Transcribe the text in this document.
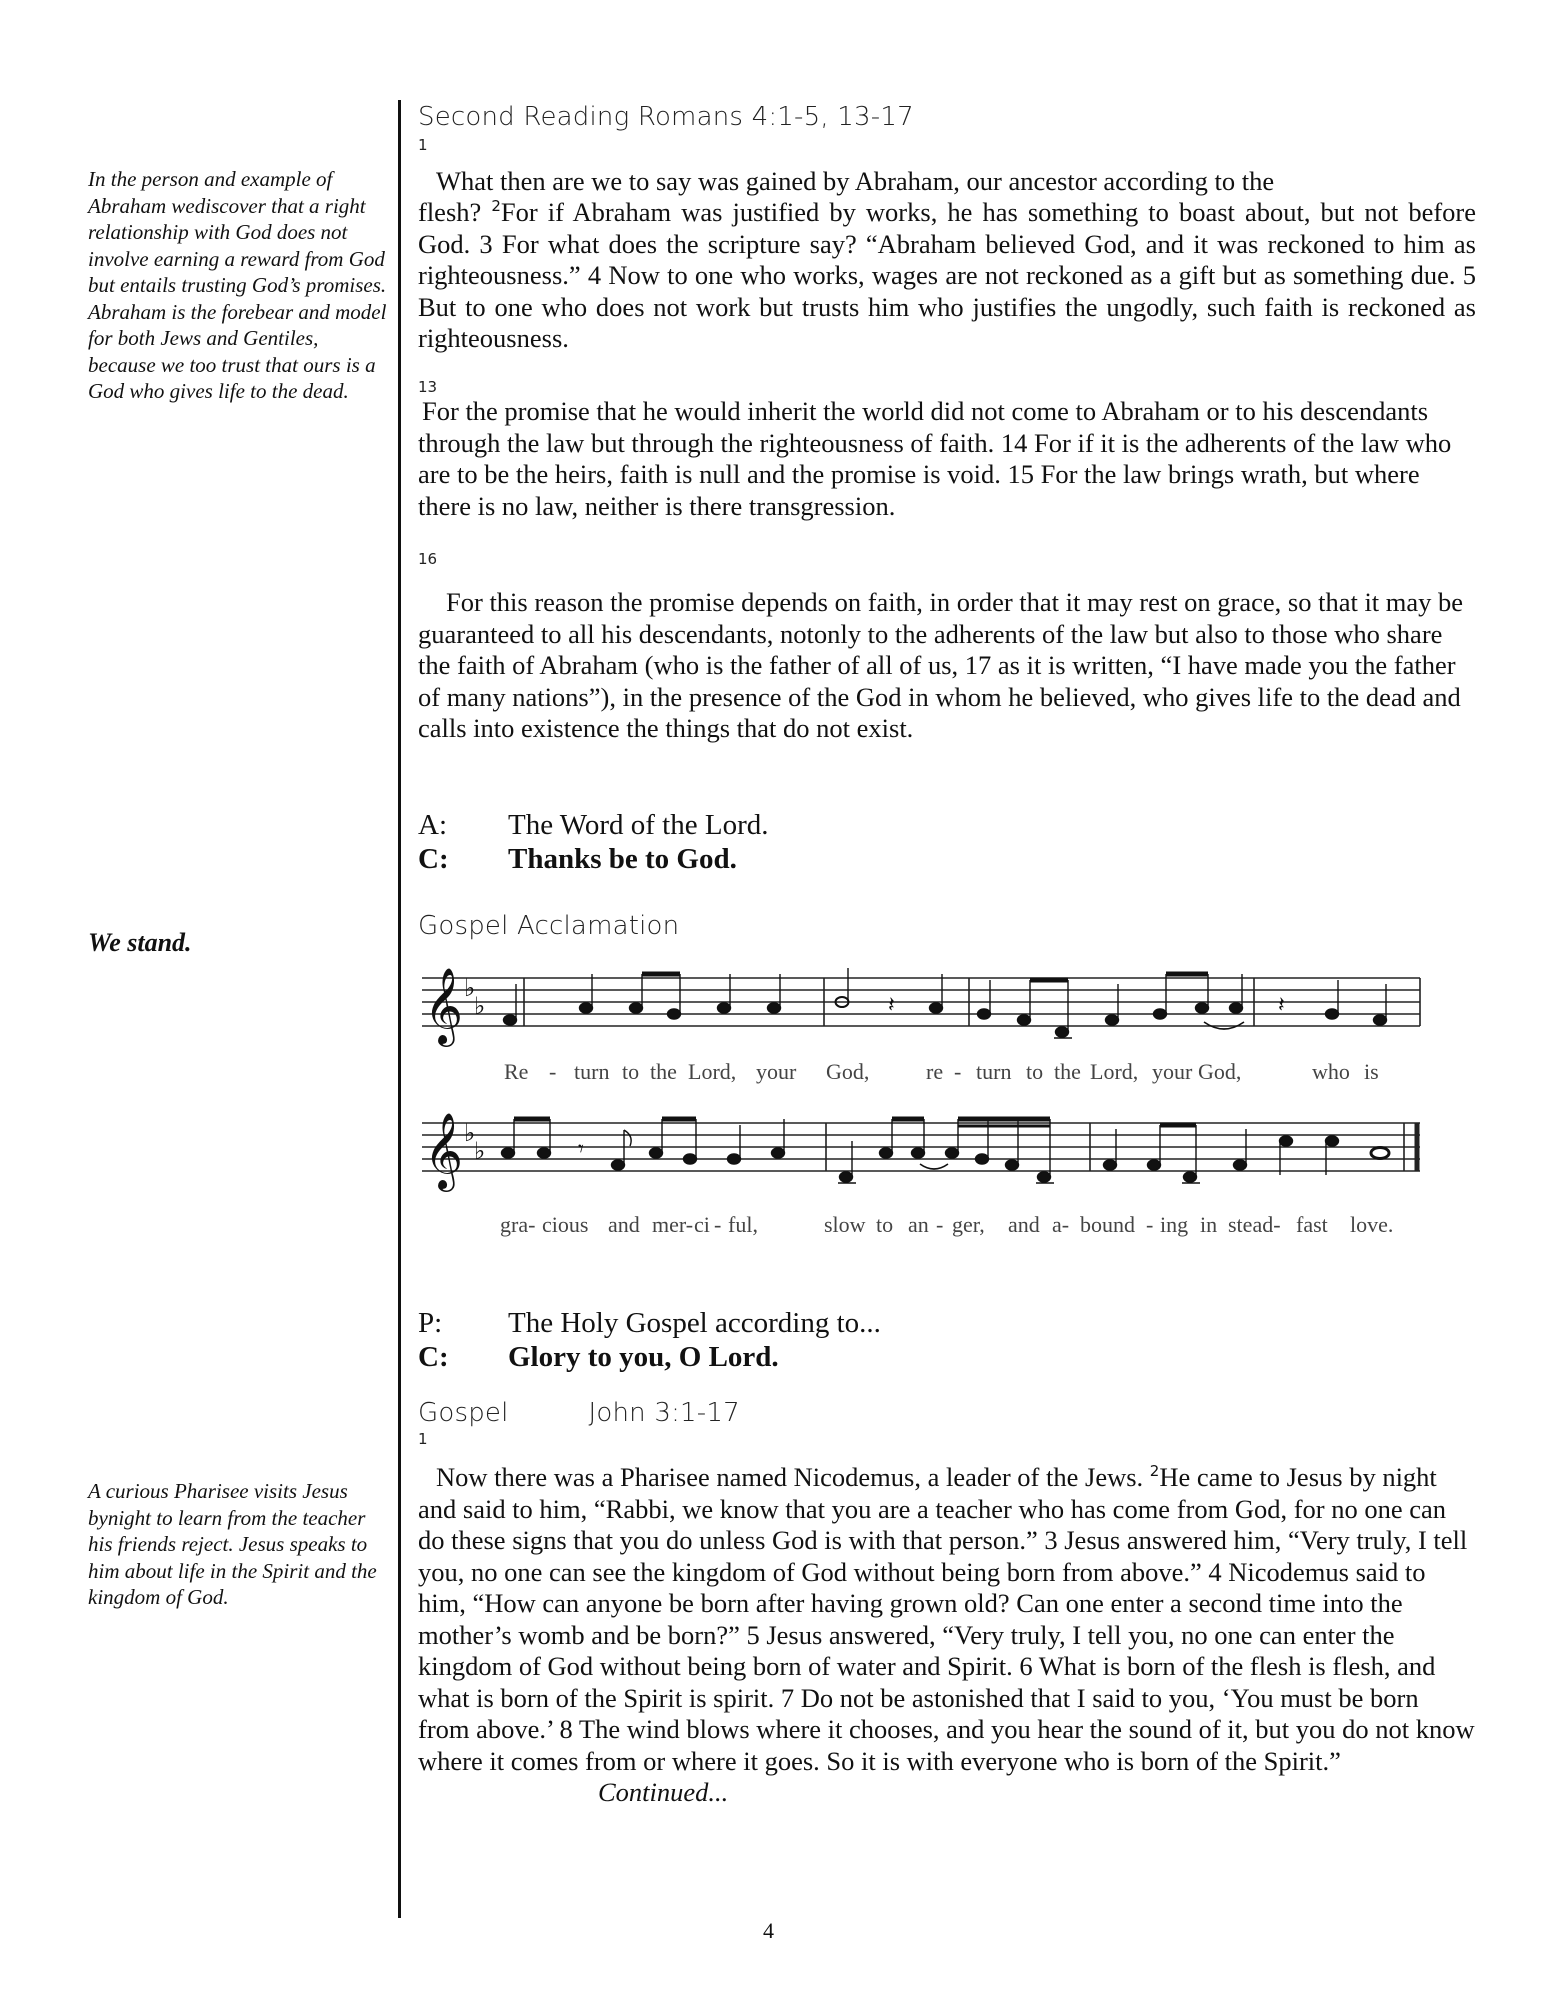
In the person and example of Abraham wediscover that a right relationship with God does not involve earning a reward from God but entails trusting God’s promises. Abraham is the forebear and model for both Jews and Gentiles, because we too trust that ours is a God who gives life to the dead.
We stand.
A curious Pharisee visits Jesus bynight to learn from the teacher his friends reject. Jesus speaks to him about life in the Spirit and the kingdom of God.
Second Reading Romans 4:1-5, 13-17
1
What then are we to say was gained by Abraham, our ancestor according to the
flesh? $^2$For if Abraham was justified by works, he has something to boast about, but not before God. 3 For what does the scripture say? “Abraham believed God, and it was reckoned to him as righteousness.” 4 Now to one who works, wages are not reckoned as a gift but as something due. 5 But to one who does not work but trusts him who justifies the ungodly, such faith is reckoned as righteousness.
13
For the promise that he would inherit the world did not come to Abraham or to his descendants through the law but through the righteousness of faith. 14 For if it is the adherents of the law who are to be the heirs, faith is null and the promise is void. 15 For the law brings wrath, but where there is no law, neither is there transgression.
16
For this reason the promise depends on faith, in order that it may rest on grace, so that it may be guaranteed to all his descendants, notonly to the adherents of the law but also to those who share the faith of Abraham (who is the father of all of us, 17 as it is written, “I have made you the father of many nations”), in the presence of the God in whom he believed, who gives life to the dead and calls into existence the things that do not exist.
A: The Word of the Lord.
C: Thanks be to God.
Gospel Acclamation
𝄞 ♭
♭	𝄽	𝄽
Re - turn to the Lord, your God,	re - turn to the Lord, your God,	who is
𝄞 ♭
♭	𝄾
gra- cious and mer- ci - ful,	slow to an - ger, and a- bound - ing in stead- fast love.
P: The Holy Gospel according to...
C: Glory to you, O Lord.
Gospel	John 3:1-17
1
Now there was a Pharisee named Nicodemus, a leader of the Jews. $^2$He came to Jesus by night and said to him, “Rabbi, we know that you are a teacher who has come from God, for no one can do these signs that you do unless God is with that person.” 3 Jesus answered him, “Very truly, I tell you, no one can see the kingdom of God without being born from above.” 4 Nicodemus said to him, “How can anyone be born after having grown old? Can one enter a second time into the mother’s womb and be born?” 5 Jesus answered, “Very truly, I tell you, no one can enter the kingdom of God without being born of water and Spirit. 6 What is born of the flesh is flesh, and what is born of the Spirit is spirit. 7 Do not be astonished that I said to you, ‘You must be born from above.’ 8 The wind blows where it chooses, and you hear the sound of it, but you do not know where it comes from or where it goes. So it is with everyone who is born of the Spirit.”Continued...
4
